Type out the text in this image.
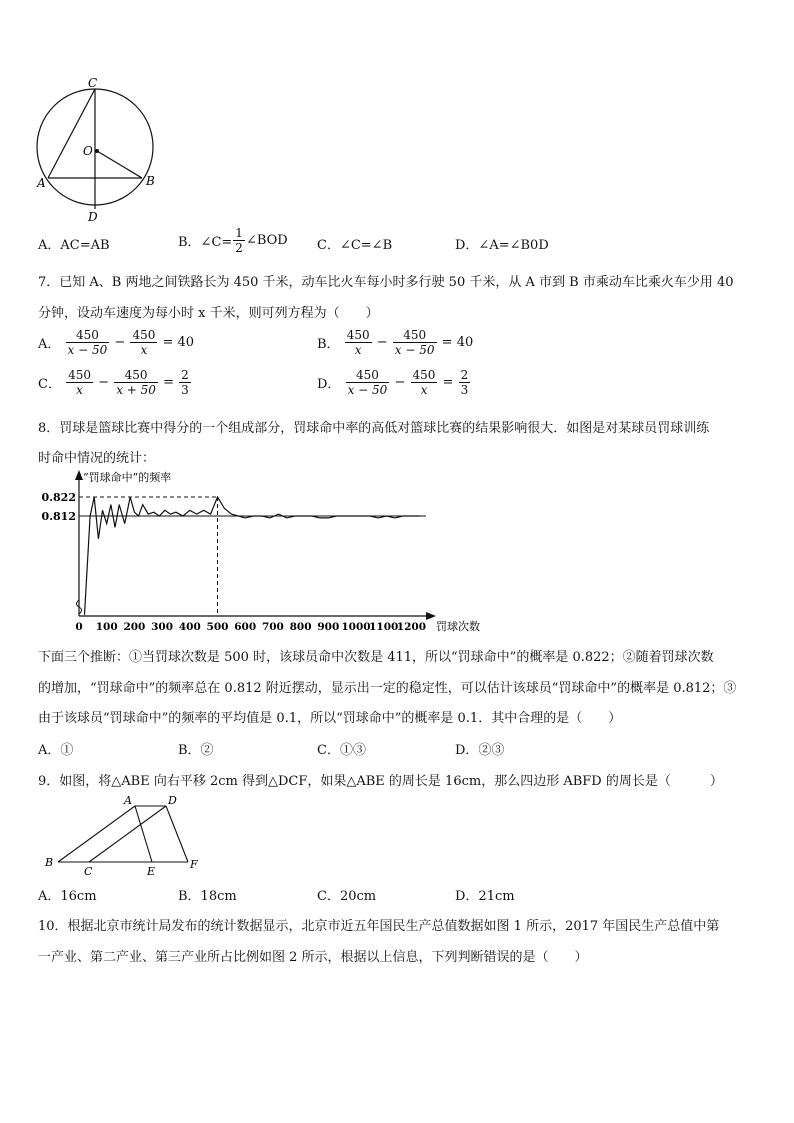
C
O
A	B
D
A．AC=AB	B．∠C= $\frac{1}{2}$ ∠BOD C．∠C=∠B	D．∠A=∠B0D
7．已知 A、B 两地之间铁路长为 450 千米，动车比火车每小时多行驶 50 千米，从 A 市到 B 市乘动车比乘火车少用 40
分钟，设动车速度为每小时 x 千米，则可列方程为（　　）
A． $\frac{450}{x - 50} - \frac{450}{x} = 40$	B． $\frac{450}{x} - \frac{450}{x - 50} = 40$
C． $\frac{450}{x} - \frac{450}{x + 50} = \frac{2}{3}$	D． $\frac{450}{x - 50} - \frac{450}{x} = \frac{2}{3}$
8．罚球是篮球比赛中得分的一个组成部分，罚球命中率的高低对篮球比赛的结果影响很大．如图是对某球员罚球训练
时命中情况的统计：
“罚球命中”的频率
罚球次数
0.822
0.812
0 100 200 300 400 500 600 700 800 900 1000
1100
1200
下面三个推断：①当罚球次数是 500 时，该球员命中次数是 411，所以“罚球命中”的概率是 0.822；②随着罚球次数
的增加，“罚球命中”的频率总在 0.812 附近摆动，显示出一定的稳定性，可以估计该球员“罚球命中”的概率是 0.812；③
由于该球员“罚球命中”的频率的平均值是 0.1，所以“罚球命中”的概率是 0.1．其中合理的是（　　）
A．①	B．②	C．①③	D．②③
9．如图，将△ABE 向右平移 2cm 得到△DCF，如果△ABE 的周长是 16cm，那么四边形 ABFD 的周长是（　　　）
A	D
B
C	E
F
A．16cm	B．18cm	C．20cm	D．21cm
10．根据北京市统计局发布的统计数据显示，北京市近五年国民生产总值数据如图 1 所示，2017 年国民生产总值中第
一产业、第二产业、第三产业所占比例如图 2 所示，根据以上信息，下列判断错误的是（　　）
